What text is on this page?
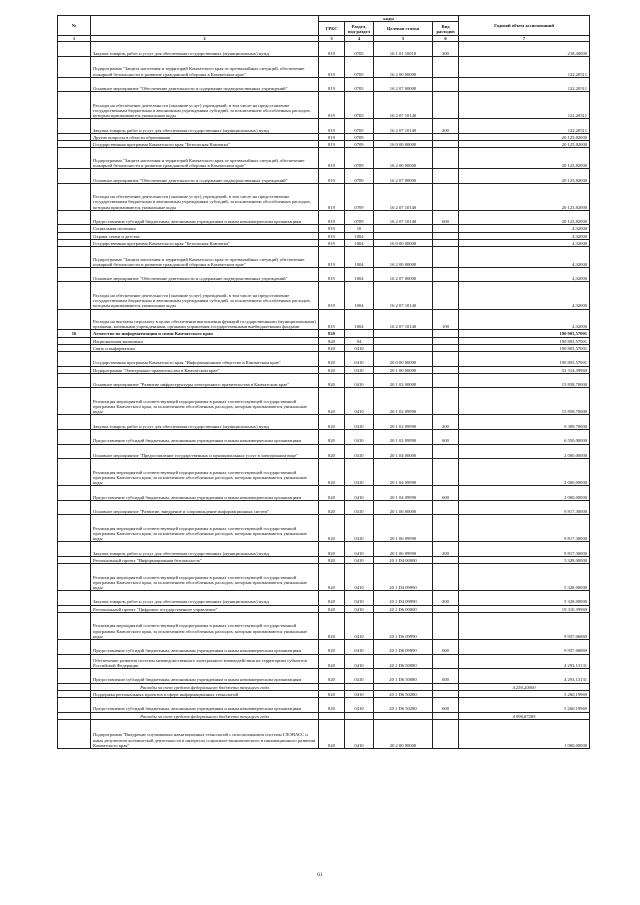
№		коды				Годовой объем ассигнований
		ГРБС	Раздел, под-раздел	Целевая статья	Вид расходов	
1	2	3	4	5	6	7
	Закупка товаров, работ и услуг для обеспечения государственных (муниципальных) нужд	819	0705	16 1 01 10010	200	218,40000
	Подпрограмма "Защита населения и территорий Камчатского края от чрезвычайных ситуаций, обеспечение пожарной безопасности и развитие гражданской обороны в Камчатском крае"	819	0705	16 2 00 00000		122,20511
	Основное мероприятие "Обеспечение деятельности и содержание подведомственных учреждений"	819	0705	16 2 07 00000		122,20511
	Расходы на обеспечение деятельности (оказание услуг) учреждений, в том числе на предоставление государственным бюджетным и автономным учреждениям субсидий, за исключением обособленных расходов, которым присваиваются уникальные коды	819	0705	16 2 07 10140		122,20511
	Закупка товаров, работ и услуг для обеспечения государственных (муниципальных) нужд	819	0705	16 2 07 10140	200	122,20511
	Другие вопросы в области образования	819	0709			20 125,82000
	Государственная программа Камчатского края "Безопасная Камчатка"	819	0709	16 0 00 00000		20 125,82000
	Подпрограмма "Защита населения и территорий Камчатского края от чрезвычайных ситуаций, обеспечение пожарной безопасности и развитие гражданской обороны в Камчатском крае"	819	0709	16 2 00 00000		20 125,82000
	Основное мероприятие "Обеспечение деятельности и содержание подведомственных учреждений"	819	0709	16 2 07 00000		20 125,82000
	Расходы на обеспечение деятельности (оказание услуг) учреждений, в том числе на предоставление государственным бюджетным и автономным учреждениям субсидий, за исключением обособленных расходов, которым присваиваются уникальные коды	819	0709	16 2 07 10140		20 125,82000
	Предоставление субсидий бюджетным, автономным учреждениям и иным некоммерческим организациям	819	0709	16 2 07 10140	600	20 125,82000
	Социальная политика	819	10			4,32000
	Охрана семьи и детства	819	1004			4,32000
	Государственная программа Камчатского края "Безопасная Камчатка"	819	1004	16 0 00 00000		4,32000
	Подпрограмма "Защита населения и территорий Камчатского края от чрезвычайных ситуаций, обеспечение пожарной безопасности и развитие гражданской обороны в Камчатском крае"	819	1004	16 2 00 00000		4,32000
	Основное мероприятие "Обеспечение деятельности и содержание подведомственных учреждений"	819	1004	16 2 07 00000		4,32000
	Расходы на обеспечение деятельности (оказание услуг) учреждений, в том числе на предоставление государственным бюджетным и автономным учреждениям субсидий, за исключением обособленных расходов, которым присваиваются уникальные коды	819	1004	16 2 07 10140		4,32000
	Расходы на выплаты персоналу в целях обеспечения выполнения функций государственными (муниципальными) органами, казенными учреждениями, органами управления государственными внебюджетными фондами	819	1004	16 2 07 10140	100	4,32000
16	Агентство по информатизации и связи Камчатского края	820				190 905,57001
	Национальная экономика	820	04			190 805,57001
	Связь и информатика	820	0410			190 805,57001
	Государственная программа Камчатского края "Информационное общество в Камчатском крае"	820	0410	20 0 00 00000		190 805,57001
	Подпрограмма "Электронное правительство в Камчатском крае"	820	0410	20 1 00 00000		52 314,39969
	Основное мероприятие "Развитие инфраструктуры электронного правительства в Камчатском крае"	820	0410	20 1 02 00000		15 858,70000
	Реализация мероприятий соответствующей подпрограммы в рамках соответствующей государственной программы Камчатского края, за исключением обособленных расходов, которым присваиваются уникальные коды	820	0410	20 1 02 09990		15 858,70000
	Закупка товаров, работ и услуг для обеспечения государственных (муниципальных) нужд	820	0410	20 1 02 09990	200	9 308,70000
	Предоставление субсидий бюджетным, автономным учреждениям и иным некоммерческим организациям	820	0410	20 1 02 09990	600	6 550,00000
	Основное мероприятие "Предоставление государственных и муниципальных услуг в электронном виде"	820	0410	20 1 04 00000		2 000,00000
	Реализация мероприятий соответствующей подпрограммы в рамках соответствующей государственной программы Камчатского края, за исключением обособленных расходов, которым присваиваются уникальные коды	820	0410	20 1 04 09990		2 000,00000
	Предоставление субсидий бюджетным, автономным учреждениям и иным некоммерческим организациям	820	0410	20 1 04 09990	600	2 000,00000
	Основное мероприятие "Развитие, внедрение и сопровождение информационных систем"	820	0410	20 1 06 00000		9 817,30000
	Реализация мероприятий соответствующей подпрограммы в рамках соответствующей государственной программы Камчатского края, за исключением обособленных расходов, которым присваиваются уникальные коды	820	0410	20 1 06 09990		9 817,30000
	Закупка товаров, работ и услуг для обеспечения государственных (муниципальных) нужд	820	0410	20 1 06 09990	200	9 817,30000
	Региональный проект "Информационная безопасность"	820	0410	20 1 D4 00000		5 328,00000
	Реализация мероприятий соответствующей подпрограммы в рамках соответствующей государственной программы Камчатского края, за исключением обособленных расходов, которым присваиваются уникальные коды	820	0410	20 1 D4 09990		5 328,00000
	Закупка товаров, работ и услуг для обеспечения государственных (муниципальных) нужд	820	0410	20 1 D4 09990	200	5 328,00000
	Региональный проект "Цифровое государственное управление"	820	0410	20 1 D6 00000		19 310,39969
	Реализация мероприятий соответствующей подпрограммы в рамках соответствующей государственной программы Камчатского края, за исключением обособленных расходов, которым присваиваются уникальные коды	820	0410	20 1 D6 09990		9 957,06869
	Предоставление субсидий бюджетным, автономным учреждениям и иным некоммерческим организациям	820	0410	20 1 D6 09990	600	9 957,06869
	Обеспечение развития системы межведомственного электронного взаимодействия на территориях субъектов Российской Федерации	820	0410	20 1 D6 50080		4 293,13131
	Предоставление субсидий бюджетным, автономным учреждениям и иным некоммерческим организациям	820	0410	20 1 D6 50080	600	4 293,13131
	Расходы за счет средств федерального бюджета текущего года					4 250,20000
	Поддержка региональных проектов в сфере информационных технологий	820	0410	20 1 D6 50280		5 260,19969
	Предоставление субсидий бюджетным, автономным учреждениям и иным некоммерческим организациям	820	0410	20 1 D6 50280	600	5 260,19969
	Расходы за счет средств федерального бюджета текущего года					4 996,87285
	Подпрограмма "Внедрение спутниковых навигационных технологий с использованием системы ГЛОНАСС и иных результатов космической деятельности в интересах социально-экономического и инновационного развития Камчатского края"	820	0410	20 2 00 00000		1 000,00000
61
